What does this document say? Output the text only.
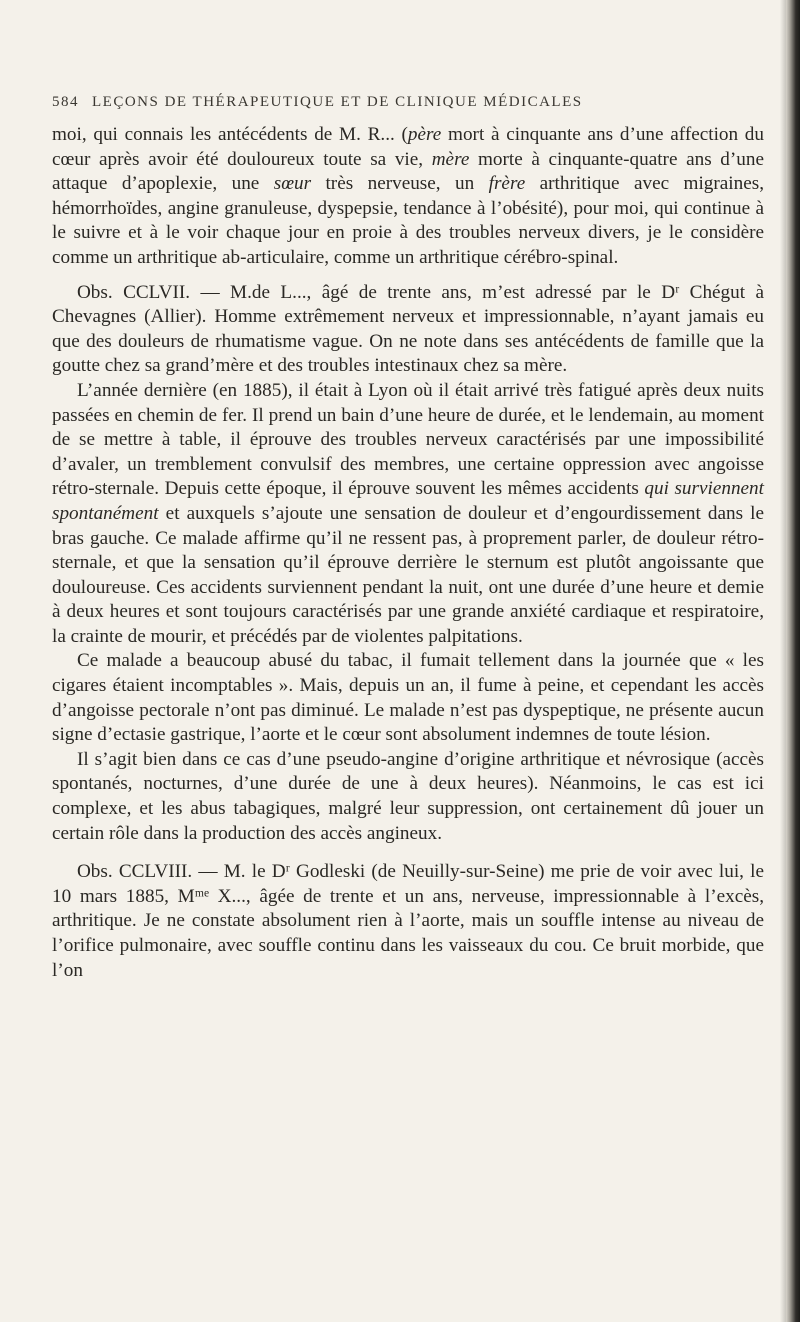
584 LEÇONS DE THÉRAPEUTIQUE ET DE CLINIQUE MÉDICALES

moi, qui connais les antécédents de M. R... (père mort à cinquante ans d’une affection du cœur après avoir été douloureux toute sa vie, mère morte à cinquante-quatre ans d’une attaque d’apoplexie, une sœur très nerveuse, un frère arthritique avec migraines, hémorrhoïdes, angine granuleuse, dyspepsie, tendance à l’obésité), pour moi, qui continue à le suivre et à le voir chaque jour en proie à des troubles nerveux divers, je le considère comme un arthritique ab-articulaire, comme un arthritique cérébro-spinal.

Obs. CCLVII. — M.de L..., âgé de trente ans, m’est adressé par le Dʳ Chégut à Chevagnes (Allier). Homme extrêmement nerveux et impressionnable, n’ayant jamais eu que des douleurs de rhumatisme vague. On ne note dans ses antécédents de famille que la goutte chez sa grand’mère et des troubles intestinaux chez sa mère.

L’année dernière (en 1885), il était à Lyon où il était arrivé très fatigué après deux nuits passées en chemin de fer. Il prend un bain d’une heure de durée, et le lendemain, au moment de se mettre à table, il éprouve des troubles nerveux caractérisés par une impossibilité d’avaler, un tremblement convulsif des membres, une certaine oppression avec angoisse rétro-sternale. Depuis cette époque, il éprouve souvent les mêmes accidents qui surviennent spontanément et auxquels s’ajoute une sensation de douleur et d’engourdissement dans le bras gauche. Ce malade affirme qu’il ne ressent pas, à proprement parler, de douleur rétro-sternale, et que la sensation qu’il éprouve derrière le sternum est plutôt angoissante que douloureuse. Ces accidents surviennent pendant la nuit, ont une durée d’une heure et demie à deux heures et sont toujours caractérisés par une grande anxiété cardiaque et respiratoire, la crainte de mourir, et précédés par de violentes palpitations.

Ce malade a beaucoup abusé du tabac, il fumait tellement dans la journée que « les cigares étaient incomptables ». Mais, depuis un an, il fume à peine, et cependant les accès d’angoisse pectorale n’ont pas diminué. Le malade n’est pas dyspeptique, ne présente aucun signe d’ectasie gastrique, l’aorte et le cœur sont absolument indemnes de toute lésion.

Il s’agit bien dans ce cas d’une pseudo-angine d’origine arthritique et névrosique (accès spontanés, nocturnes, d’une durée de une à deux heures). Néanmoins, le cas est ici complexe, et les abus tabagiques, malgré leur suppression, ont certainement dû jouer un certain rôle dans la production des accès angineux.

Obs. CCLVIII. — M. le Dʳ Godleski (de Neuilly-sur-Seine) me prie de voir avec lui, le 10 mars 1885, Mᵐᵉ X..., âgée de trente et un ans, nerveuse, impressionnable à l’excès, arthritique. Je ne constate absolument rien à l’aorte, mais un souffle intense au niveau de l’orifice pulmonaire, avec souffle continu dans les vaisseaux du cou. Ce bruit morbide, que l’on
